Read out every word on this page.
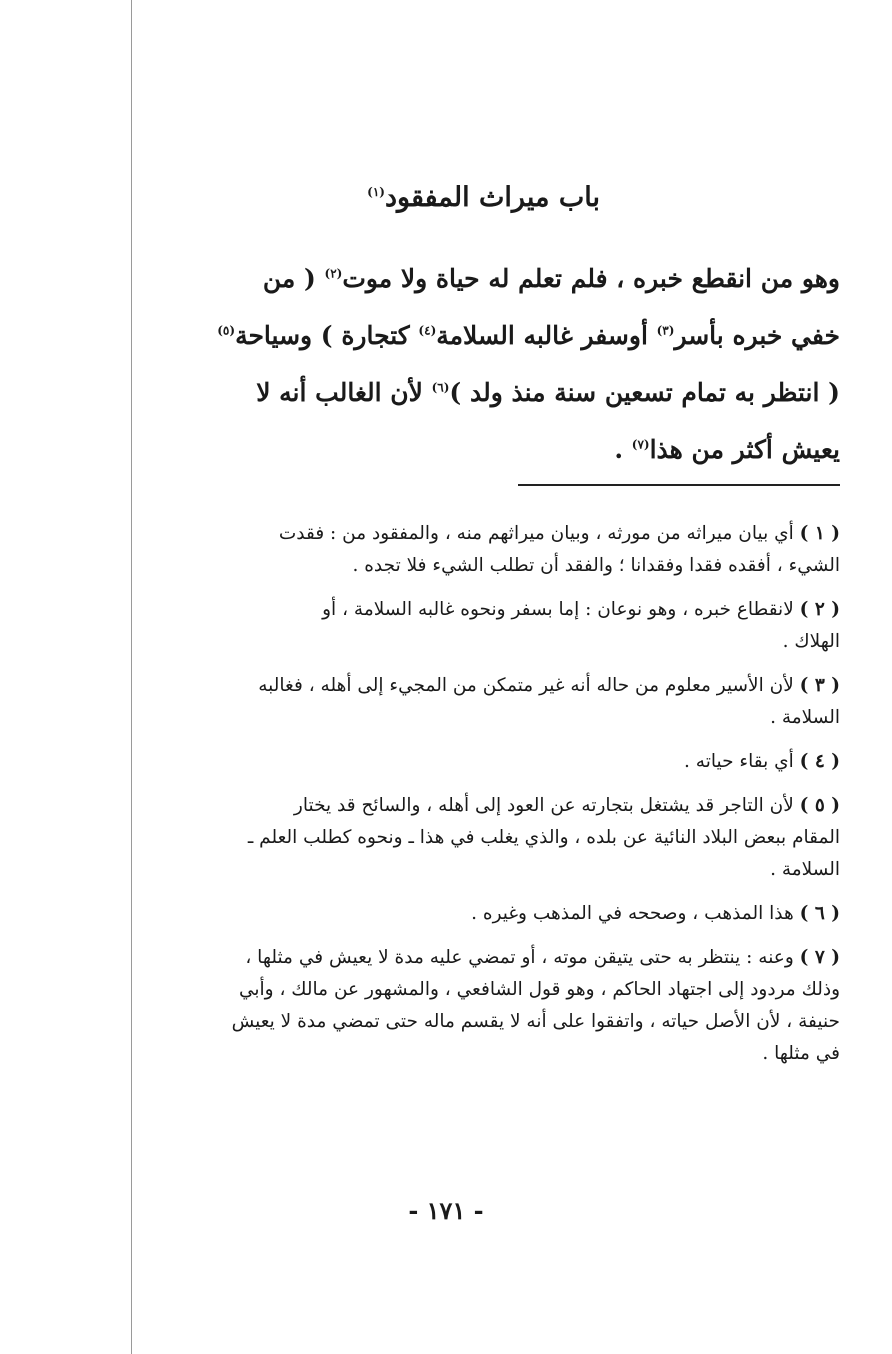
باب ميراث المفقود$^{(١)}$
وهو من انقطع خبره ، فلم تعلم له حياة ولا موت$^{(٢)}$ ( من
خفي خبره بأسر$^{(٣)}$ أوسفر غالبه السلامة$^{(٤)}$ كتجارة ) وسياحة$^{(٥)}$
( انتظر به تمام تسعين سنة منذ ولد )$^{(٦)}$ لأن الغالب أنه لا
يعيش أكثر من هذا$^{(٧)}$ .
( ١ ) أي بيان ميراثه من مورثه ، وبيان ميراثهم منه ، والمفقود من : فقدت
الشيء ، أفقده فقدا وفقدانا ؛ والفقد أن تطلب الشيء فلا تجده .
( ٢ ) لانقطاع خبره ، وهو نوعان : إما بسفر ونحوه غالبه السلامة ، أو
الهلاك .
( ٣ ) لأن الأسير معلوم من حاله أنه غير متمكن من المجيء إلى أهله ، فغالبه
السلامة .
( ٤ ) أي بقاء حياته .
( ٥ ) لأن التاجر قد يشتغل بتجارته عن العود إلى أهله ، والسائح قد يختار
المقام ببعض البلاد النائية عن بلده ، والذي يغلب في هذا ـ ونحوه كطلب العلم ـ
السلامة .
( ٦ ) هذا المذهب ، وصححه في المذهب وغيره .
( ٧ ) وعنه : ينتظر به حتى يتيقن موته ، أو تمضي عليه مدة لا يعيش في مثلها ،
وذلك مردود إلى اجتهاد الحاكم ، وهو قول الشافعي ، والمشهور عن مالك ، وأبي
حنيفة ، لأن الأصل حياته ، واتفقوا على أنه لا يقسم ماله حتى تمضي مدة لا يعيش
في مثلها .
- ١٧١ -
